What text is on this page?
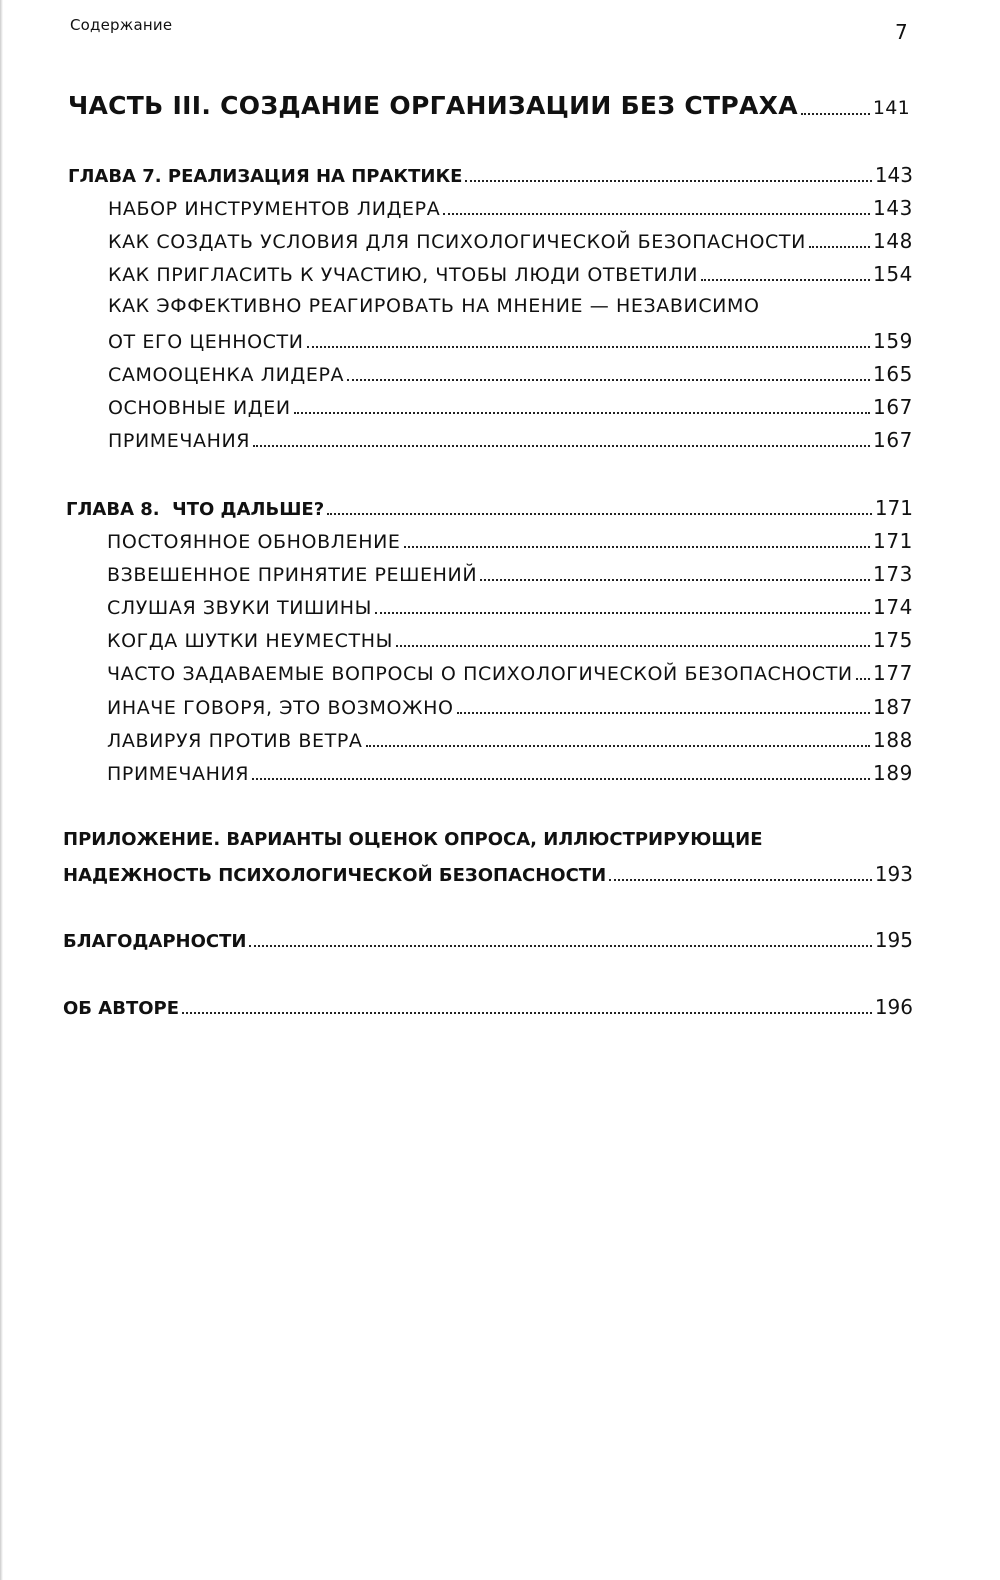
Содержание	7
ЧАСТЬ III. СОЗДАНИЕ ОРГАНИЗАЦИИ БЕЗ СТРАХА	141
ГЛАВА 7. РЕАЛИЗАЦИЯ НА ПРАКТИКЕ	143
НАБОР ИНСТРУМЕНТОВ ЛИДЕРА	143
КАК СОЗДАТЬ УСЛОВИЯ ДЛЯ ПСИХОЛОГИЧЕСКОЙ БЕЗОПАСНОСТИ	148
КАК ПРИГЛАСИТЬ К УЧАСТИЮ, ЧТОБЫ ЛЮДИ ОТВЕТИЛИ	154
КАК ЭФФЕКТИВНО РЕАГИРОВАТЬ НА МНЕНИЕ — НЕЗАВИСИМО
ОТ ЕГО ЦЕННОСТИ	159
САМООЦЕНКА ЛИДЕРА	165
ОСНОВНЫЕ ИДЕИ	167
ПРИМЕЧАНИЯ	167
ГЛАВА 8.  ЧТО ДАЛЬШЕ?	171
ПОСТОЯННОЕ ОБНОВЛЕНИЕ	171
ВЗВЕШЕННОЕ ПРИНЯТИЕ РЕШЕНИЙ	173
СЛУШАЯ ЗВУКИ ТИШИНЫ	174
КОГДА ШУТКИ НЕУМЕСТНЫ	175
ЧАСТО ЗАДАВАЕМЫЕ ВОПРОСЫ О ПСИХОЛОГИЧЕСКОЙ БЕЗОПАСНОСТИ 177
ИНАЧЕ ГОВОРЯ, ЭТО ВОЗМОЖНО	187
ЛАВИРУЯ ПРОТИВ ВЕТРА	188
ПРИМЕЧАНИЯ	189
ПРИЛОЖЕНИЕ. ВАРИАНТЫ ОЦЕНОК ОПРОСА, ИЛЛЮСТРИРУЮЩИЕ
НАДЕЖНОСТЬ ПСИХОЛОГИЧЕСКОЙ БЕЗОПАСНОСТИ	193
БЛАГОДАРНОСТИ	195
ОБ АВТОРЕ	196
